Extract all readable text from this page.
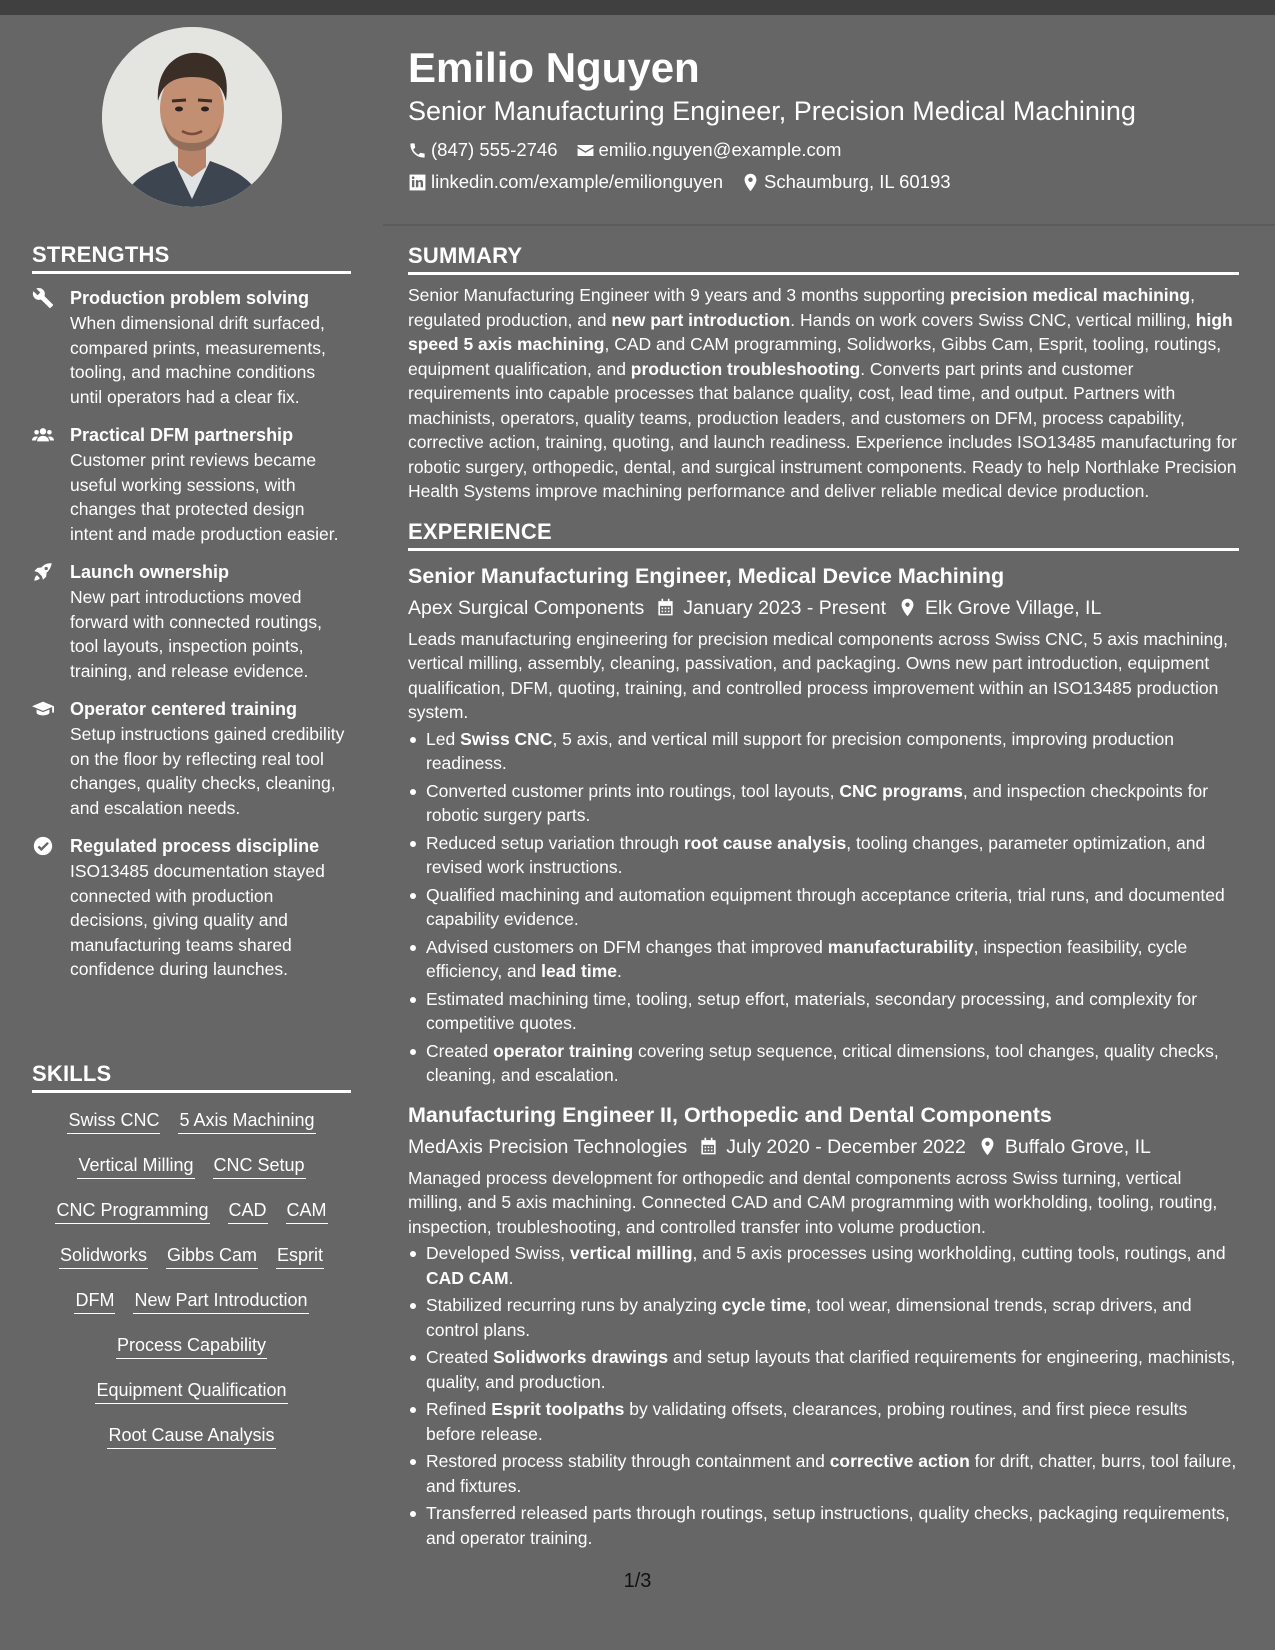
STRENGTHS
Production problem solving
When dimensional drift surfaced, compared prints, measurements, tooling, and machine conditions until operators had a clear fix.
Practical DFM partnership
Customer print reviews became useful working sessions, with changes that protected design intent and made production easier.
Launch ownership
New part introductions moved forward with connected routings, tool layouts, inspection points, training, and release evidence.
Operator centered training
Setup instructions gained credibility on the floor by reflecting real tool changes, quality checks, cleaning, and escalation needs.
Regulated process discipline
ISO13485 documentation stayed connected with production decisions, giving quality and manufacturing teams shared confidence during launches.
SKILLS
Swiss CNC 5 Axis Machining
Vertical Milling CNC Setup
CNC Programming CAD CAM
Solidworks Gibbs Cam Esprit
DFM New Part Introduction
Process Capability
Equipment Qualification
Root Cause Analysis
Emilio Nguyen
Senior Manufacturing Engineer, Precision Medical Machining
(847) 555-2746 emilio.nguyen@example.com
linkedin.com/example/emilionguyen Schaumburg, IL 60193
SUMMARY
Senior Manufacturing Engineer with 9 years and 3 months supporting precision medical machining, regulated production, and new part introduction. Hands on work covers Swiss CNC, vertical milling, high speed 5 axis machining, CAD and CAM programming, Solidworks, Gibbs Cam, Esprit, tooling, routings, equipment qualification, and production troubleshooting. Converts part prints and customer requirements into capable processes that balance quality, cost, lead time, and output. Partners with machinists, operators, quality teams, production leaders, and customers on DFM, process capability, corrective action, training, quoting, and launch readiness. Experience includes ISO13485 manufacturing for robotic surgery, orthopedic, dental, and surgical instrument components. Ready to help Northlake Precision Health Systems improve machining performance and deliver reliable medical device production.
EXPERIENCE
Senior Manufacturing Engineer, Medical Device Machining
Apex Surgical Components January 2023 - Present Elk Grove Village, IL
Leads manufacturing engineering for precision medical components across Swiss CNC, 5 axis machining, vertical milling, assembly, cleaning, passivation, and packaging. Owns new part introduction, equipment qualification, DFM, quoting, training, and controlled process improvement within an ISO13485 production system.
Led Swiss CNC, 5 axis, and vertical mill support for precision components, improving production readiness.
Converted customer prints into routings, tool layouts, CNC programs, and inspection checkpoints for robotic surgery parts.
Reduced setup variation through root cause analysis, tooling changes, parameter optimization, and revised work instructions.
Qualified machining and automation equipment through acceptance criteria, trial runs, and documented capability evidence.
Advised customers on DFM changes that improved manufacturability, inspection feasibility, cycle efficiency, and lead time.
Estimated machining time, tooling, setup effort, materials, secondary processing, and complexity for competitive quotes.
Created operator training covering setup sequence, critical dimensions, tool changes, quality checks, cleaning, and escalation.
Manufacturing Engineer II, Orthopedic and Dental Components
MedAxis Precision Technologies July 2020 - December 2022 Buffalo Grove, IL
Managed process development for orthopedic and dental components across Swiss turning, vertical milling, and 5 axis machining. Connected CAD and CAM programming with workholding, tooling, routing, inspection, troubleshooting, and controlled transfer into volume production.
Developed Swiss, vertical milling, and 5 axis processes using workholding, cutting tools, routings, and CAD CAM.
Stabilized recurring runs by analyzing cycle time, tool wear, dimensional trends, scrap drivers, and control plans.
Created Solidworks drawings and setup layouts that clarified requirements for engineering, machinists, quality, and production.
Refined Esprit toolpaths by validating offsets, clearances, probing routines, and first piece results before release.
Restored process stability through containment and corrective action for drift, chatter, burrs, tool failure, and fixtures.
Transferred released parts through routings, setup instructions, quality checks, packaging requirements, and operator training.
1/3
